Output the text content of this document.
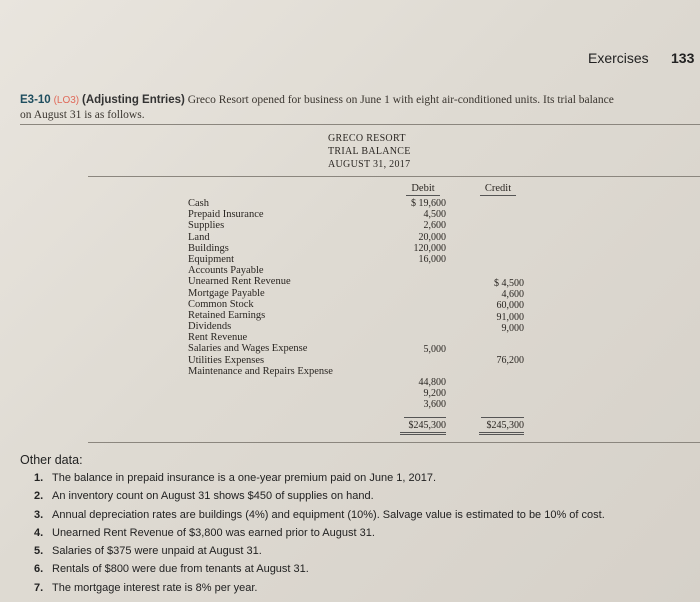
Exercises 133
E3-10 (LO3) (Adjusting Entries) Greco Resort opened for business on June 1 with eight air-conditioned units. Its trial balance
on August 31 is as follows.
GRECO RESORT
TRIAL BALANCE
AUGUST 31, 2017
Debit	Credit
Cash
Prepaid Insurance
Supplies
Land
Buildings
Equipment
Accounts Payable
Unearned Rent Revenue
Mortgage Payable
Common Stock
Retained Earnings
Dividends
Rent Revenue
Salaries and Wages Expense
Utilities Expenses
Maintenance and Repairs Expense
$ 19,600
4,500
2,600
20,000
120,000
16,000
$ 4,500
4,600
60,000
91,000
9,000
5,000
76,200
44,800
9,200
3,600
$245,300	$245,300
Other data:
1. The balance in prepaid insurance is a one-year premium paid on June 1, 2017.
2. An inventory count on August 31 shows $450 of supplies on hand.
3. Annual depreciation rates are buildings (4%) and equipment (10%). Salvage value is estimated to be 10% of cost.
4. Unearned Rent Revenue of $3,800 was earned prior to August 31.
5. Salaries of $375 were unpaid at August 31.
6. Rentals of $800 were due from tenants at August 31.
7. The mortgage interest rate is 8% per year.
